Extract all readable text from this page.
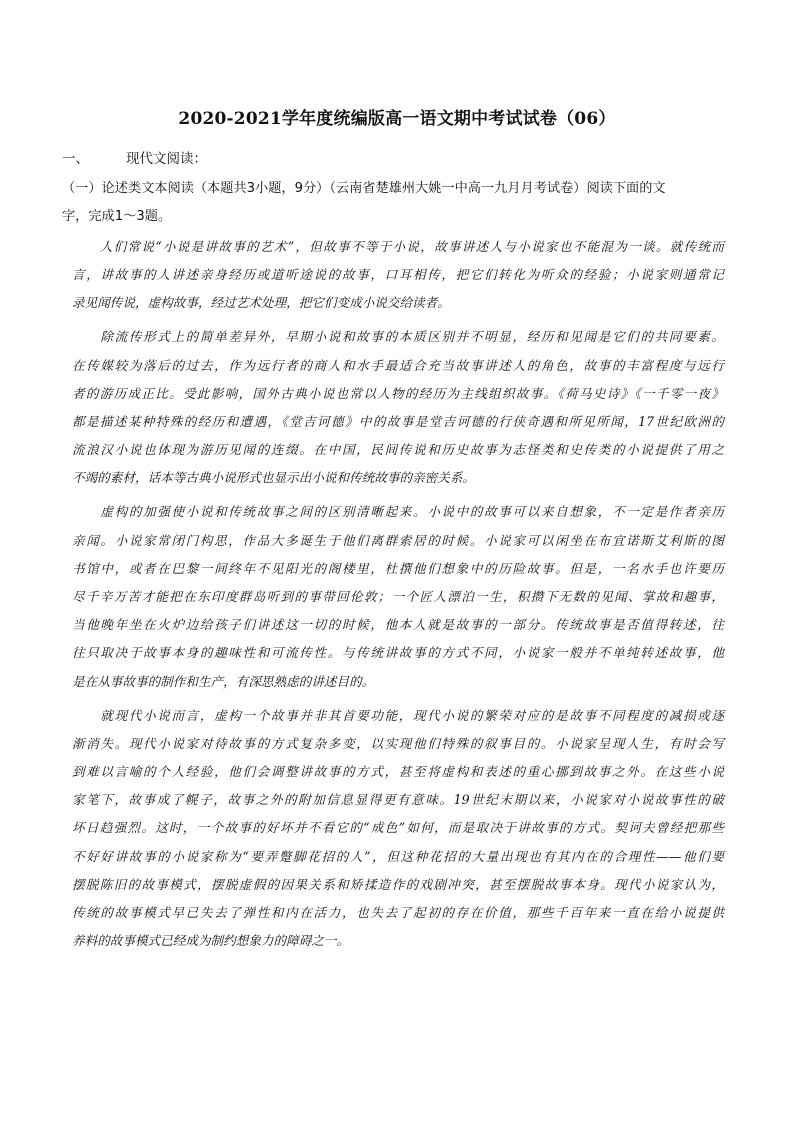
2020-2021学年度统编版高一语文期中考试试卷（06）
一、	现代文阅读：
（一）论述类文本阅读（本题共3小题，9分）（云南省楚雄州大姚一中高一九月月考试卷）阅读下面的文
字，完成1～3题。
　　人们常说“小说是讲故事的艺术”，但故事不等于小说，故事讲述人与小说家也不能混为一谈。就传统而
言，讲故事的人讲述亲身经历或道听途说的故事，口耳相传，把它们转化为听众的经验；小说家则通常记
录见闻传说，虚构故事，经过艺术处理，把它们变成小说交给读者。
　　除流传形式上的简单差异外，早期小说和故事的本质区别并不明显，经历和见闻是它们的共同要素。
在传媒较为落后的过去，作为远行者的商人和水手最适合充当故事讲述人的角色，故事的丰富程度与远行
者的游历成正比。受此影响，国外古典小说也常以人物的经历为主线组织故事。《荷马史诗》《一千零一夜》
都是描述某种特殊的经历和遭遇，《堂吉诃德》中的故事是堂吉诃德的行侠奇遇和所见所闻，17世纪欧洲的
流浪汉小说也体现为游历见闻的连缀。在中国，民间传说和历史故事为志怪类和史传类的小说提供了用之
不竭的素材，话本等古典小说形式也显示出小说和传统故事的亲密关系。
　　虚构的加强使小说和传统故事之间的区别清晰起来。小说中的故事可以来自想象，不一定是作者亲历
亲闻。小说家常闭门构思，作品大多诞生于他们离群索居的时候。小说家可以闲坐在布宜诺斯艾利斯的图
书馆中，或者在巴黎一间终年不见阳光的阁楼里，杜撰他们想象中的历险故事。但是，一名水手也许要历
尽千辛万苦才能把在东印度群岛听到的事带回伦敦；一个匠人漂泊一生，积攒下无数的见闻、掌故和趣事，
当他晚年坐在火炉边给孩子们讲述这一切的时候，他本人就是故事的一部分。传统故事是否值得转述，往
往只取决于故事本身的趣味性和可流传性。与传统讲故事的方式不同，小说家一般并不单纯转述故事，他
是在从事故事的制作和生产，有深思熟虑的讲述目的。
　　就现代小说而言，虚构一个故事并非其首要功能，现代小说的繁荣对应的是故事不同程度的减损或逐
渐消失。现代小说家对待故事的方式复杂多变，以实现他们特殊的叙事目的。小说家呈现人生，有时会写
到难以言喻的个人经验，他们会调整讲故事的方式，甚至将虚构和表述的重心挪到故事之外。在这些小说
家笔下，故事成了幌子，故事之外的附加信息显得更有意味。19世纪末期以来，小说家对小说故事性的破
坏日趋强烈。这时，一个故事的好坏并不看它的“成色”如何，而是取决于讲故事的方式。契诃夫曾经把那些
不好好讲故事的小说家称为“要弄蹩脚花招的人”，但这种花招的大量出现也有其内在的合理性——他们要
摆脱陈旧的故事模式，摆脱虚假的因果关系和矫揉造作的戏剧冲突，甚至摆脱故事本身。现代小说家认为，
传统的故事模式早已失去了弹性和内在活力，也失去了起初的存在价值，那些千百年来一直在给小说提供
养料的故事模式已经成为制约想象力的障碍之一。
